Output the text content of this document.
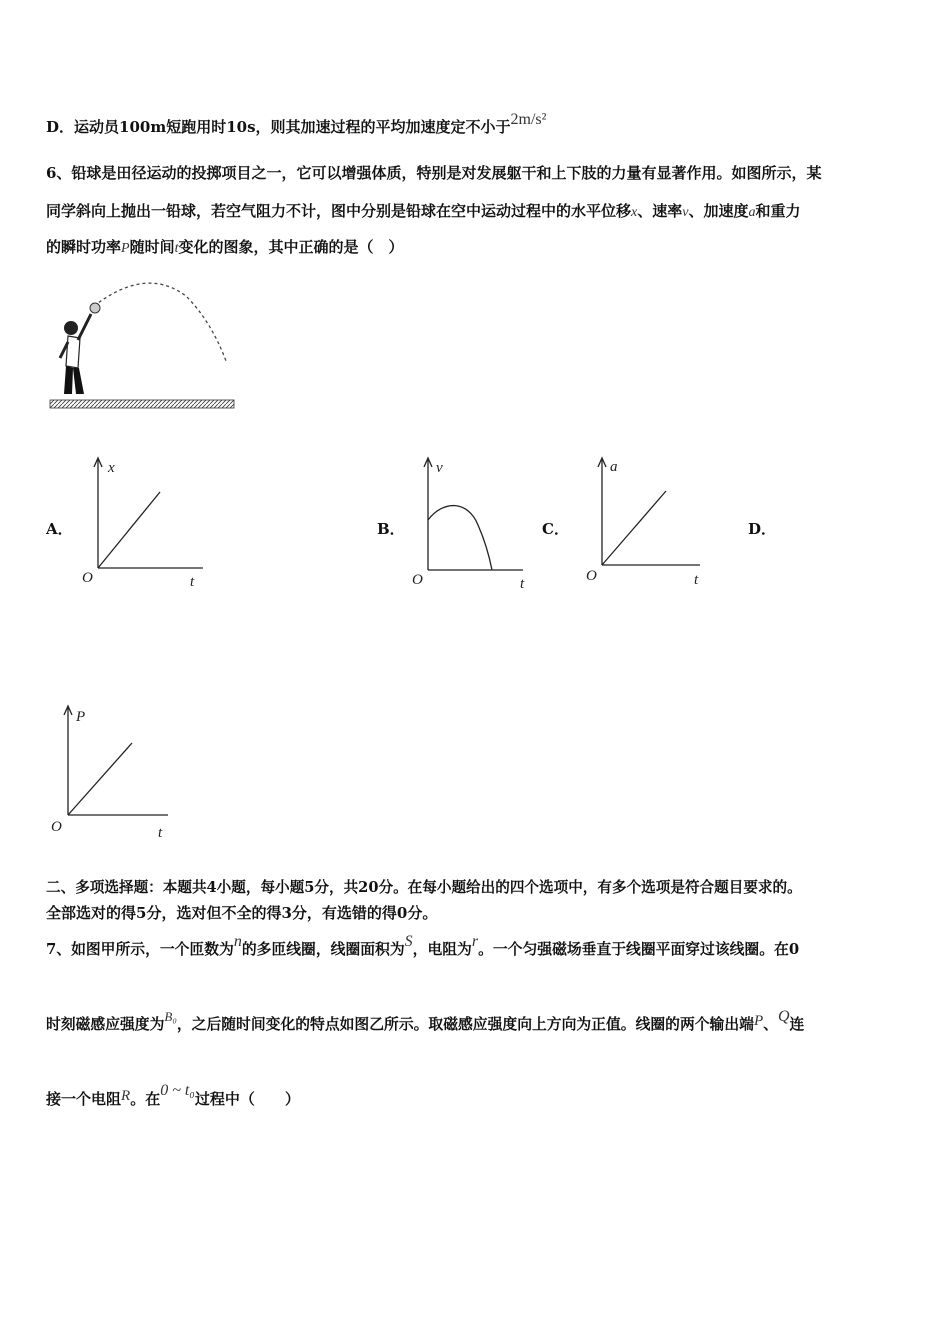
D．运动员100m短跑用时10s，则其加速过程的平均加速度定不小于2m/s²
6、铅球是田径运动的投掷项目之一，它可以增强体质，特别是对发展躯干和上下肢的力量有显著作用。如图所示，某
同学斜向上抛出一铅球，若空气阻力不计，图中分别是铅球在空中运动过程中的水平位移x、速率v、加速度a和重力
的瞬时功率P随时间t变化的图象，其中正确的是（　）
A．	B．	C．	D．
x
t
O
v
t
O
a
t
O
P
t
O
二、多项选择题：本题共4小题，每小题5分，共20分。在每小题给出的四个选项中，有多个选项是符合题目要求的。
全部选对的得5分，选对但不全的得3分，有选错的得0分。
7、如图甲所示，一个匝数为n的多匝线圈，线圈面积为S，电阻为r。一个匀强磁场垂直于线圈平面穿过该线圈。在0
时刻磁感应强度为B₀，之后随时间变化的特点如图乙所示。取磁感应强度向上方向为正值。线圈的两个输出端P、Q连
接一个电阻R。在0 ~ t₀过程中（　　）
